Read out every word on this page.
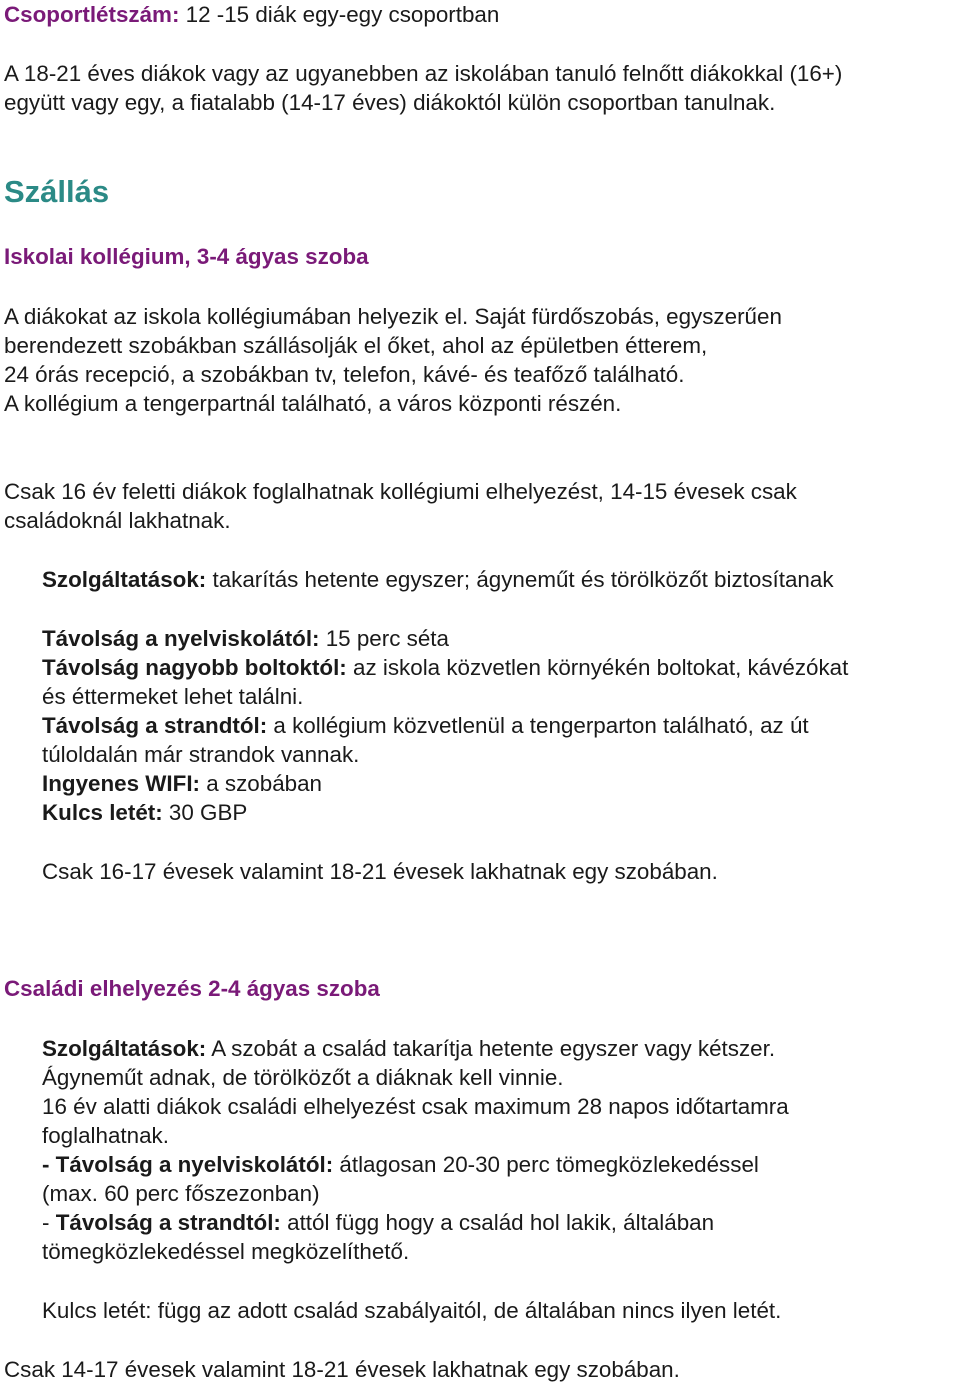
Csoportlétszám: 12 -15 diák egy-egy csoportban
A 18-21 éves diákok vagy az ugyanebben az iskolában tanuló felnőtt diákokkal (16+)
együtt vagy egy, a fiatalabb (14-17 éves) diákoktól külön csoportban tanulnak.
Szállás
Iskolai kollégium, 3-4 ágyas szoba
A diákokat az iskola kollégiumában helyezik el. Saját fürdőszobás, egyszerűen
berendezett szobákban szállásolják el őket, ahol az épületben étterem,
24 órás recepció, a szobákban tv, telefon, kávé- és teafőző található.
A kollégium a tengerpartnál található, a város központi részén.
Csak 16 év feletti diákok foglalhatnak kollégiumi elhelyezést, 14-15 évesek csak
családoknál lakhatnak.
Szolgáltatások: takarítás hetente egyszer; ágyneműt és törölközőt biztosítanak
Távolság a nyelviskolától: 15 perc séta
Távolság nagyobb boltoktól: az iskola közvetlen környékén boltokat, kávézókat
és éttermeket lehet találni.
Távolság a strandtól: a kollégium közvetlenül a tengerparton található, az út
túloldalán már strandok vannak.
Ingyenes WIFI: a szobában
Kulcs letét: 30 GBP
Csak 16-17 évesek valamint 18-21 évesek lakhatnak egy szobában.
Családi elhelyezés 2-4 ágyas szoba
Szolgáltatások: A szobát a család takarítja hetente egyszer vagy kétszer.
Ágyneműt adnak, de törölközőt a diáknak kell vinnie.
16 év alatti diákok családi elhelyezést csak maximum 28 napos időtartamra
foglalhatnak.
- Távolság a nyelviskolától: átlagosan 20-30 perc tömegközlekedéssel
(max. 60 perc főszezonban)
- Távolság a strandtól: attól függ hogy a család hol lakik, általában
tömegközlekedéssel megközelíthető.
Kulcs letét: függ az adott család szabályaitól, de általában nincs ilyen letét.
Csak 14-17 évesek valamint 18-21 évesek lakhatnak egy szobában.
